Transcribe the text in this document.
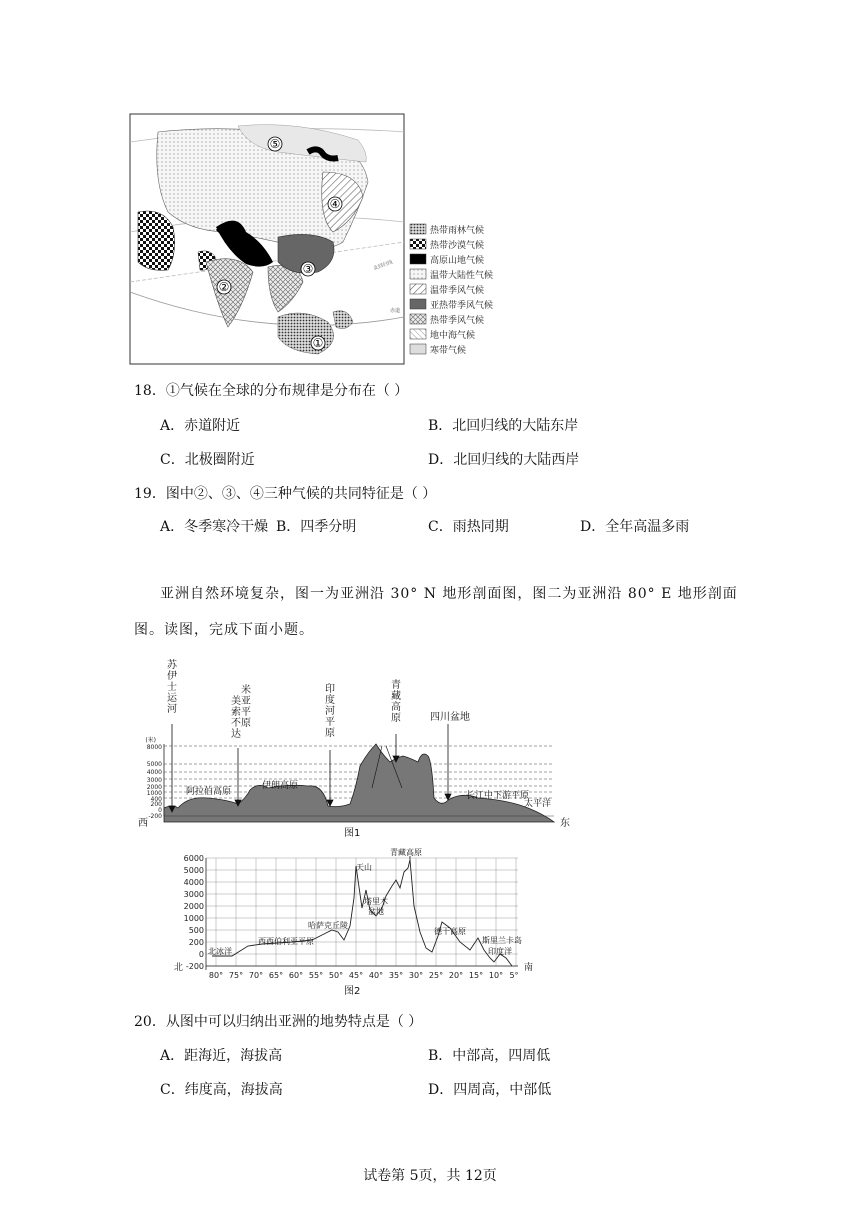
⑤
④
③
②
①
北回归线
赤道
热带雨林气候
热带沙漠气候
高原山地气候
温带大陆性气候
温带季风气候
亚热带季风气候
热带季风气候
地中海气候
寒带气候
18．①气候在全球的分布规律是分布在（ ）
A．赤道附近	B．北回归线的大陆东岸
C．北极圈附近	D．北回归线的大陆西岸
19．图中②、③、④三种气候的共同特征是（ ）
A．冬季寒冷干燥 B．四季分明	C．雨热同期	D．全年高温多雨
亚洲自然环境复杂，图一为亚洲沿 30° N 地形剖面图，图二为亚洲沿 80° E 地形剖面
图。读图，完成下面小题。
苏伊士运河
美索不达
米亚平原
印度河平原
青藏高原	四川盆地
(米)
8000
5000
4000
3000
2000
1000
400
200
0
-200
阿拉伯高原
伊朗高原
长江中下游平原
太平洋
西	东
图1
6000
5000
4000
3000
2000
1000
500
200
0
-200
80° 75° 70° 65° 60° 55° 50° 45° 40° 35° 30° 25° 20° 15° 10° 5°
北	南
青藏高原
天山
哈萨克丘陵
西西伯利亚平原
北冰洋
德干高原
斯里兰卡岛
印度洋
塔里木盆地
图2
20．从图中可以归纳出亚洲的地势特点是（ ）
A．距海近，海拔高	B．中部高，四周低
C．纬度高，海拔高	D．四周高，中部低
试卷第 5页，共 12页
